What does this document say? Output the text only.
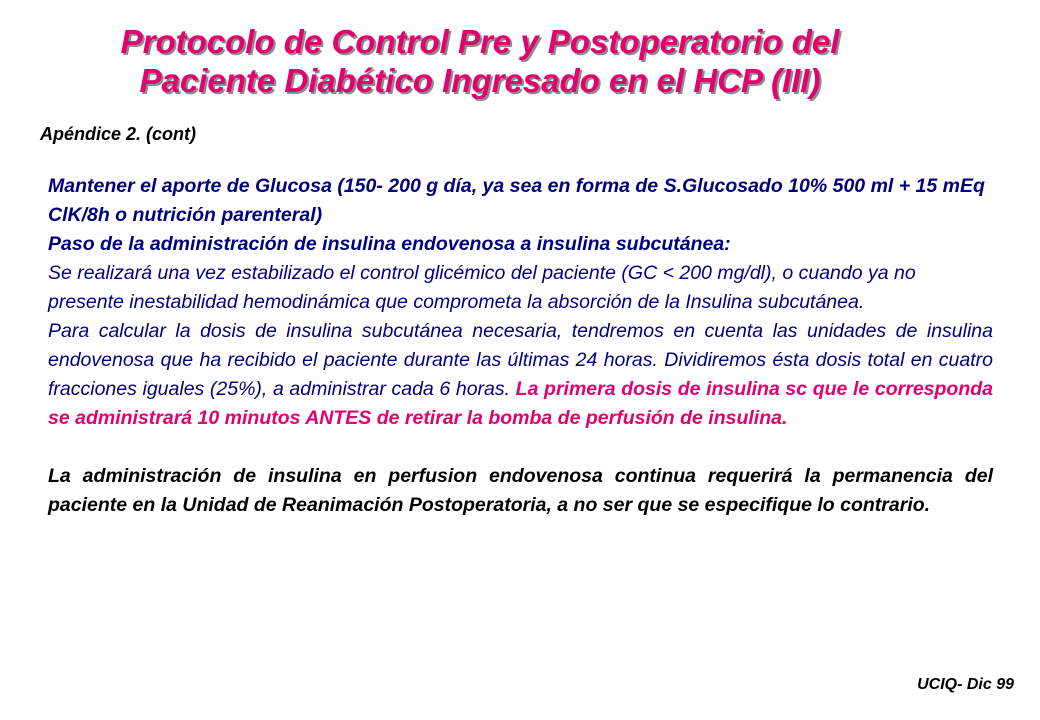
Protocolo de Control Pre y Postoperatorio del
Paciente Diabético Ingresado en el HCP (III)
Apéndice 2. (cont)

Mantener el aporte de Glucosa (150- 200 g día, ya sea en forma de S.Glucosado 10% 500 ml + 15 mEq ClK/8h o nutrición parenteral)

Paso de la administración de insulina endovenosa a insulina subcutánea:

Se realizará una vez estabilizado el control glicémico del paciente (GC < 200 mg/dl), o cuando ya no presente inestabilidad hemodinámica que comprometa la absorción de la Insulina subcutánea.

Para calcular la dosis de insulina subcutánea necesaria, tendremos en cuenta las unidades de insulina endovenosa que ha recibido el paciente durante las últimas 24 horas. Dividiremos ésta dosis total en cuatro fracciones iguales (25%), a administrar cada 6 horas. La primera dosis de insulina sc que le corresponda se administrará 10 minutos ANTES de retirar la bomba de perfusión de insulina.

La administración de insulina en perfusion endovenosa continua requerirá la permanencia del paciente en la Unidad de Reanimación Postoperatoria, a no ser que se especifique lo contrario.

UCIQ- Dic 99
